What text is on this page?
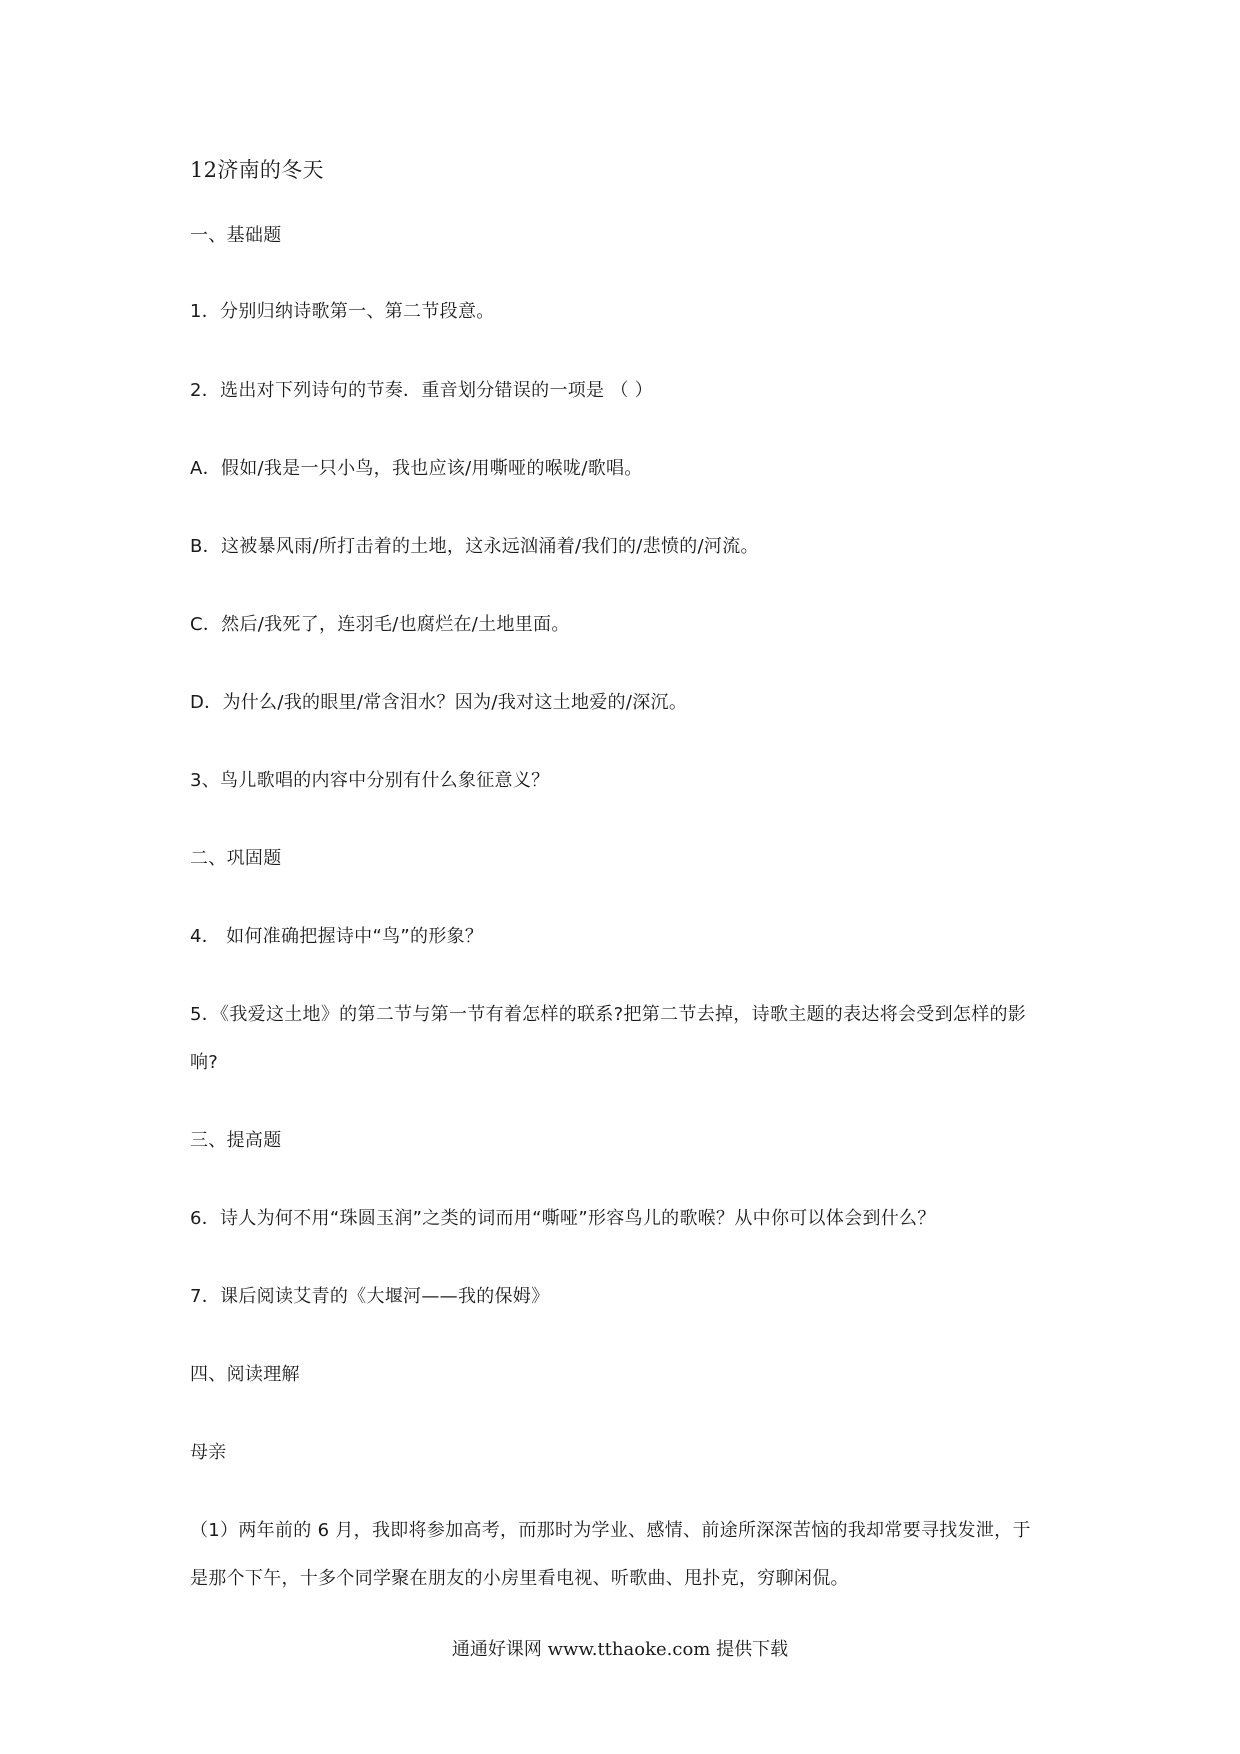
12济南的冬天
一、基础题
1．分别归纳诗歌第一、第二节段意。
2．选出对下列诗句的节奏．重音划分错误的一项是 （ ）
A．假如/我是一只小鸟，我也应该/用嘶哑的喉咙/歌唱。
B．这被暴风雨/所打击着的土地，这永远汹涌着/我们的/悲愤的/河流。
C．然后/我死了，连羽毛/也腐烂在/土地里面。
D．为什么/我的眼里/常含泪水？因为/我对这土地爱的/深沉。
3、鸟儿歌唱的内容中分别有什么象征意义？
二、巩固题
4． 如何准确把握诗中“鸟”的形象？
5．《我爱这土地》的第二节与第一节有着怎样的联系?把第二节去掉，诗歌主题的表达将会受到怎样的影
响?
三、提高题
6．诗人为何不用“珠圆玉润”之类的词而用“嘶哑”形容鸟儿的歌喉？从中你可以体会到什么？
7．课后阅读艾青的《大堰河——我的保姆》
四、阅读理解
母亲
（1）两年前的 6 月，我即将参加高考，而那时为学业、感情、前途所深深苦恼的我却常要寻找发泄，于
是那个下午，十多个同学聚在朋友的小房里看电视、听歌曲、甩扑克，穷聊闲侃。
通通好课网 www.tthaoke.com 提供下载
